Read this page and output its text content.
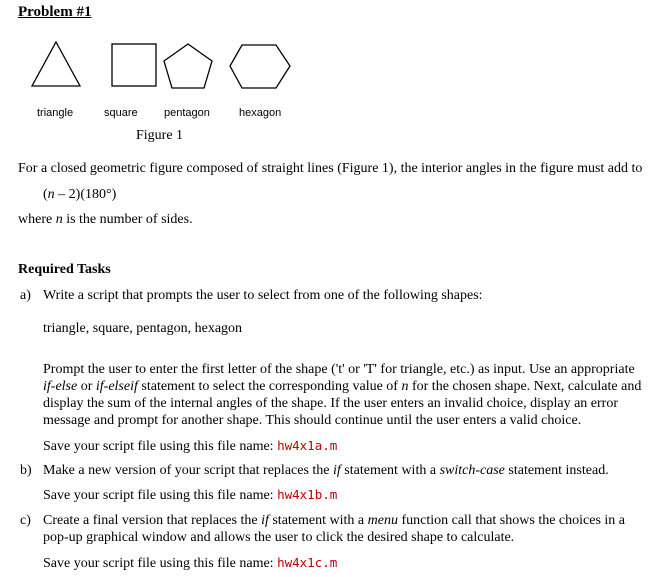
Problem #1
triangle	square pentagon	hexagon
Figure 1
For a closed geometric figure composed of straight lines (Figure 1), the interior angles in the figure must add to
(n – 2)(180°)
where n is the number of sides.
Required Tasks
a) Write a script that prompts the user to select from one of the following shapes:
triangle, square, pentagon, hexagon
Prompt the user to enter the first letter of the shape ('t' or 'T' for triangle, etc.) as input. Use an appropriate
if-else or if-elseif statement to select the corresponding value of n for the chosen shape. Next, calculate and
display the sum of the internal angles of the shape. If the user enters an invalid choice, display an error
message and prompt for another shape. This should continue until the user enters a valid choice.
Save your script file using this file name: hw4x1a.m
b) Make a new version of your script that replaces the if statement with a switch-case statement instead.
Save your script file using this file name: hw4x1b.m
c) Create a final version that replaces the if statement with a menu function call that shows the choices in a
pop-up graphical window and allows the user to click the desired shape to calculate.
Save your script file using this file name: hw4x1c.m
